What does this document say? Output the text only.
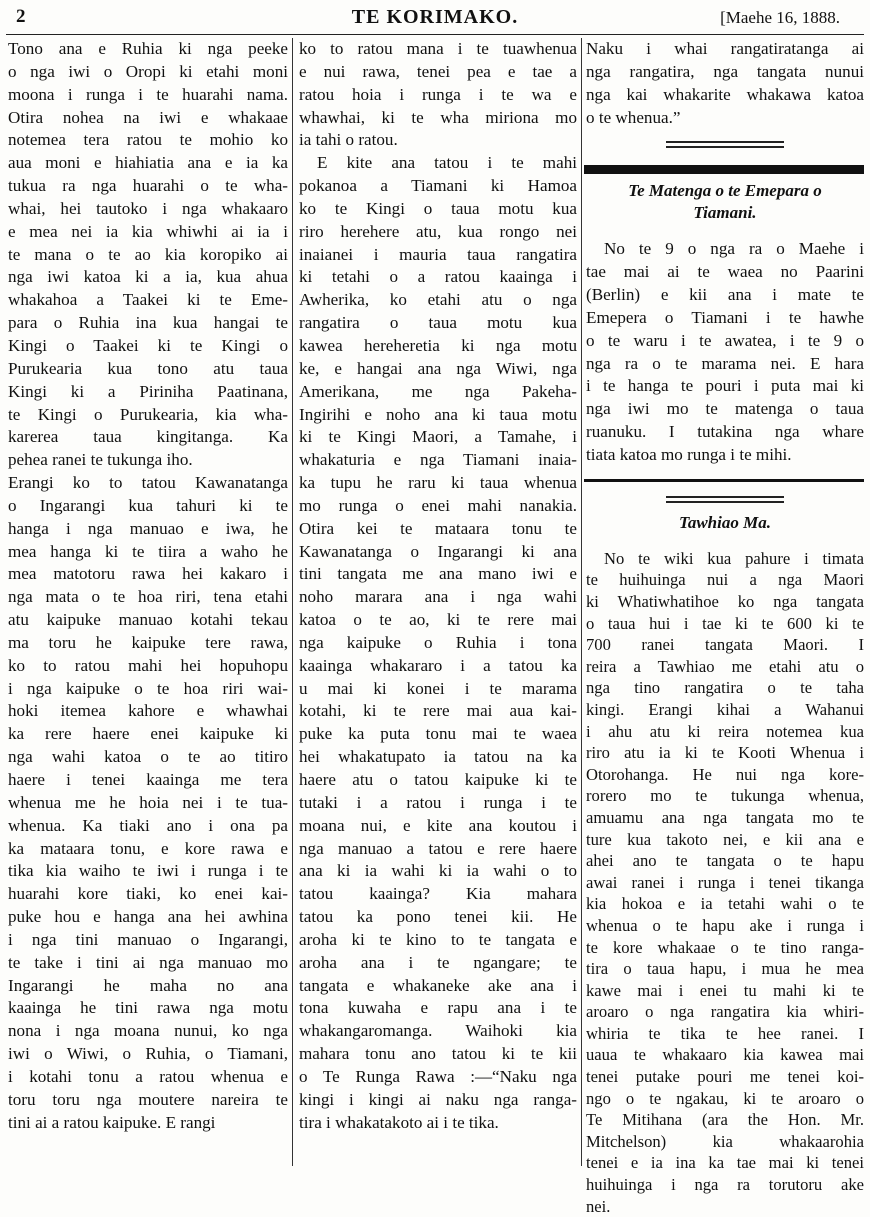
2	TE KORIMAKO.	[Maehe 16, 1888.
Tono ana e Ruhia ki nga peeke
o nga iwi o Oropi ki etahi moni
moona i runga i te huarahi nama.
Otira nohea na iwi e whakaae
notemea tera ratou te mohio ko
aua moni e hiahiatia ana e ia ka
tukua ra nga huarahi o te wha-
whai, hei tautoko i nga whakaaro
e mea nei ia kia whiwhi ai ia i
te mana o te ao kia koropiko ai
nga iwi katoa ki a ia, kua ahua
whakahoa a Taakei ki te Eme-
para o Ruhia ina kua hangai te
Kingi o Taakei ki te Kingi o
Purukearia kua tono atu taua
Kingi ki a Piriniha Paatinana,
te Kingi o Purukearia, kia wha-
karerea taua kingitanga. Ka
pehea ranei te tukunga iho.
Erangi ko to tatou Kawanatanga
o Ingarangi kua tahuri ki te
hanga i nga manuao e iwa, he
mea hanga ki te tiira a waho he
mea matotoru rawa hei kakaro i
nga mata o te hoa riri, tena etahi
atu kaipuke manuao kotahi tekau
ma toru he kaipuke tere rawa,
ko to ratou mahi hei hopuhopu
i nga kaipuke o te hoa riri wai-
hoki itemea kahore e whawhai
ka rere haere enei kaipuke ki
nga wahi katoa o te ao titiro
haere i tenei kaainga me tera
whenua me he hoia nei i te tua-
whenua. Ka tiaki ano i ona pa
ka mataara tonu, e kore rawa e
tika kia waiho te iwi i runga i te
huarahi kore tiaki, ko enei kai-
puke hou e hanga ana hei awhina
i nga tini manuao o Ingarangi,
te take i tini ai nga manuao mo
Ingarangi he maha no ana
kaainga he tini rawa nga motu
nona i nga moana nunui, ko nga
iwi o Wiwi, o Ruhia, o Tiamani,
i kotahi tonu a ratou whenua e
toru toru nga moutere nareira te
tini ai a ratou kaipuke. E rangi
ko to ratou mana i te tuawhenua
e nui rawa, tenei pea e tae a
ratou hoia i runga i te wa e
whawhai, ki te wha miriona mo
ia tahi o ratou.
E kite ana tatou i te mahi
pokanoa a Tiamani ki Hamoa
ko te Kingi o taua motu kua
riro herehere atu, kua rongo nei
inaianei i mauria taua rangatira
ki tetahi o a ratou kaainga i
Awherika, ko etahi atu o nga
rangatira o taua motu kua
kawea hereheretia ki nga motu
ke, e hangai ana nga Wiwi, nga
Amerikana, me nga Pakeha-
Ingirihi e noho ana ki taua motu
ki te Kingi Maori, a Tamahe, i
whakaturia e nga Tiamani inaia-
ka tupu he raru ki taua whenua
mo runga o enei mahi nanakia.
Otira kei te mataara tonu te
Kawanatanga o Ingarangi ki ana
tini tangata me ana mano iwi e
noho marara ana i nga wahi
katoa o te ao, ki te rere mai
nga kaipuke o Ruhia i tona
kaainga whakararo i a tatou ka
u mai ki konei i te marama
kotahi, ki te rere mai aua kai-
puke ka puta tonu mai te waea
hei whakatupato ia tatou na ka
haere atu o tatou kaipuke ki te
tutaki i a ratou i runga i te
moana nui, e kite ana koutou i
nga manuao a tatou e rere haere
ana ki ia wahi ki ia wahi o to
tatou kaainga? Kia mahara
tatou ka pono tenei kii. He
aroha ki te kino to te tangata e
aroha ana i te ngangare; te
tangata e whakaneke ake ana i
tona kuwaha e rapu ana i te
whakangaromanga. Waihoki kia
mahara tonu ano tatou ki te kii
o Te Runga Rawa :—“Naku nga
kingi i kingi ai naku nga ranga-
tira i whakatakoto ai i te tika.
Naku i whai rangatiratanga ai
nga rangatira, nga tangata nunui
nga kai whakarite whakawa katoa
o te whenua.”
Te Matenga o te Emepara o
Tiamani.
No te 9 o nga ra o Maehe i
tae mai ai te waea no Paarini
(Berlin) e kii ana i mate te
Emepera o Tiamani i te hawhe
o te waru i te awatea, i te 9 o
nga ra o te marama nei. E hara
i te hanga te pouri i puta mai ki
nga iwi mo te matenga o taua
ruanuku. I tutakina nga whare
tiata katoa mo runga i te mihi.
Tawhiao Ma.
No te wiki kua pahure i timata
te huihuinga nui a nga Maori
ki Whatiwhatihoe ko nga tangata
o taua hui i tae ki te 600 ki te
700 ranei tangata Maori. I
reira a Tawhiao me etahi atu o
nga tino rangatira o te taha
kingi. Erangi kihai a Wahanui
i ahu atu ki reira notemea kua
riro atu ia ki te Kooti Whenua i
Otorohanga. He nui nga kore-
rorero mo te tukunga whenua,
amuamu ana nga tangata mo te
ture kua takoto nei, e kii ana e
ahei ano te tangata o te hapu
awai ranei i runga i tenei tikanga
kia hokoa e ia tetahi wahi o te
whenua o te hapu ake i runga i
te kore whakaae o te tino ranga-
tira o taua hapu, i mua he mea
kawe mai i enei tu mahi ki te
aroaro o nga rangatira kia whiri-
whiria te tika te hee ranei. I
uaua te whakaaro kia kawea mai
tenei putake pouri me tenei koi-
ngo o te ngakau, ki te aroaro o
Te Mitihana (ara the Hon. Mr.
Mitchelson) kia whakaarohia
tenei e ia ina ka tae mai ki tenei
huihuinga i nga ra torutoru ake
nei.
